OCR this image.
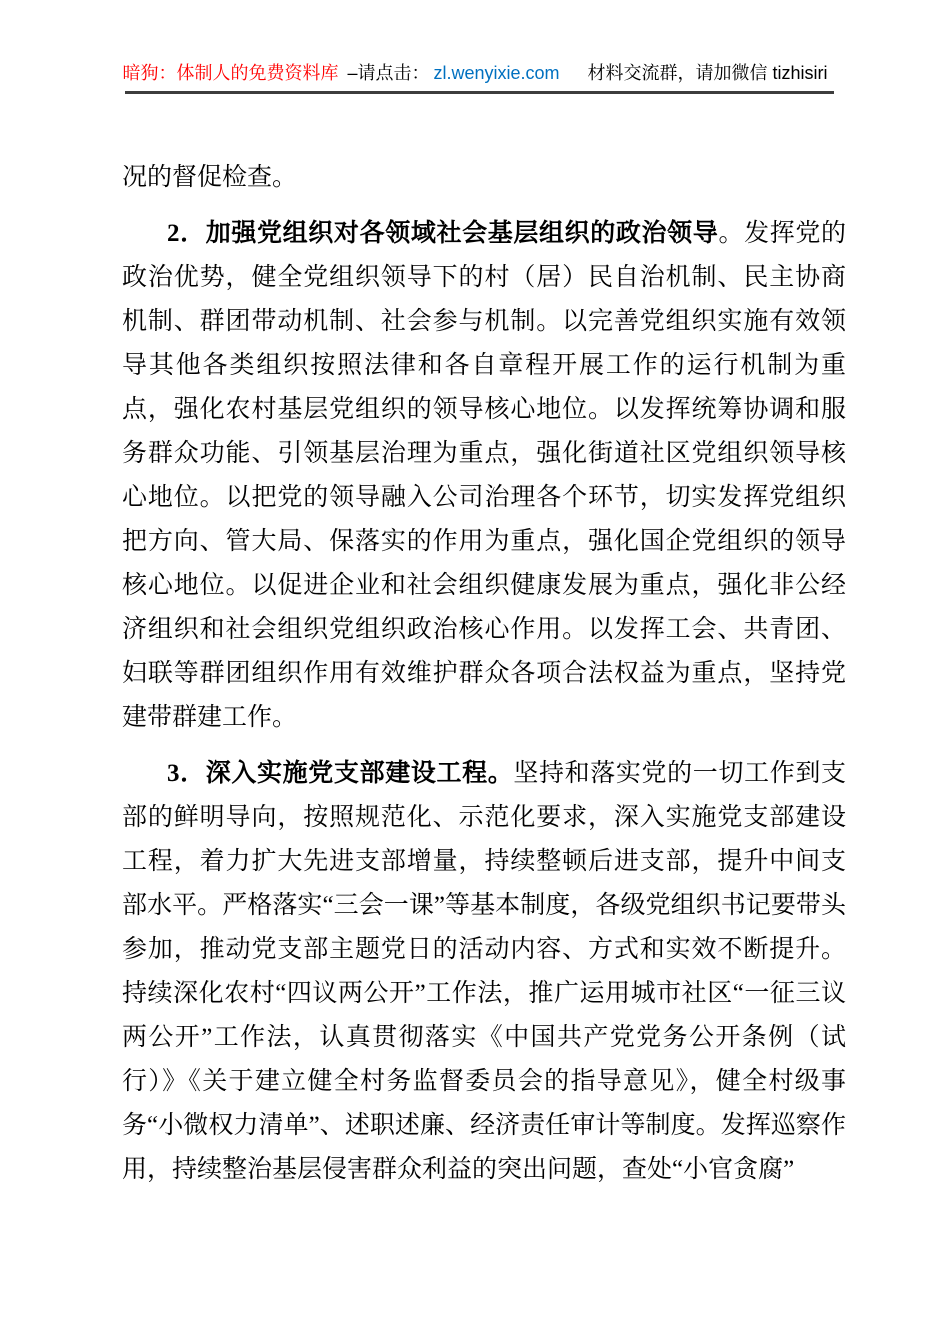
暗狗：体制人的免费资料库 –请点击： zl.wenyixie.com 材料交流群，请加微信 tizhisiri

况的督促检查。

2．加强党组织对各领域社会基层组织的政治领导。发挥党的政治优势，健全党组织领导下的村（居）民自治机制、民主协商机制、群团带动机制、社会参与机制。以完善党组织实施有效领导其他各类组织按照法律和各自章程开展工作的运行机制为重点，强化农村基层党组织的领导核心地位。以发挥统筹协调和服务群众功能、引领基层治理为重点，强化街道社区党组织领导核心地位。以把党的领导融入公司治理各个环节，切实发挥党组织把方向、管大局、保落实的作用为重点，强化国企党组织的领导核心地位。以促进企业和社会组织健康发展为重点，强化非公经济组织和社会组织党组织政治核心作用。以发挥工会、共青团、妇联等群团组织作用有效维护群众各项合法权益为重点，坚持党建带群建工作。

3．深入实施党支部建设工程。坚持和落实党的一切工作到支部的鲜明导向，按照规范化、示范化要求，深入实施党支部建设工程，着力扩大先进支部增量，持续整顿后进支部，提升中间支部水平。严格落实“三会一课”等基本制度，各级党组织书记要带头参加，推动党支部主题党日的活动内容、方式和实效不断提升。持续深化农村“四议两公开”工作法，推广运用城市社区“一征三议两公开”工作法，认真贯彻落实《中国共产党党务公开条例（试行）》《关于建立健全村务监督委员会的指导意见》，健全村级事务“小微权力清单”、述职述廉、经济责任审计等制度。发挥巡察作用，持续整治基层侵害群众利益的突出问题，查处“小官贪腐”
